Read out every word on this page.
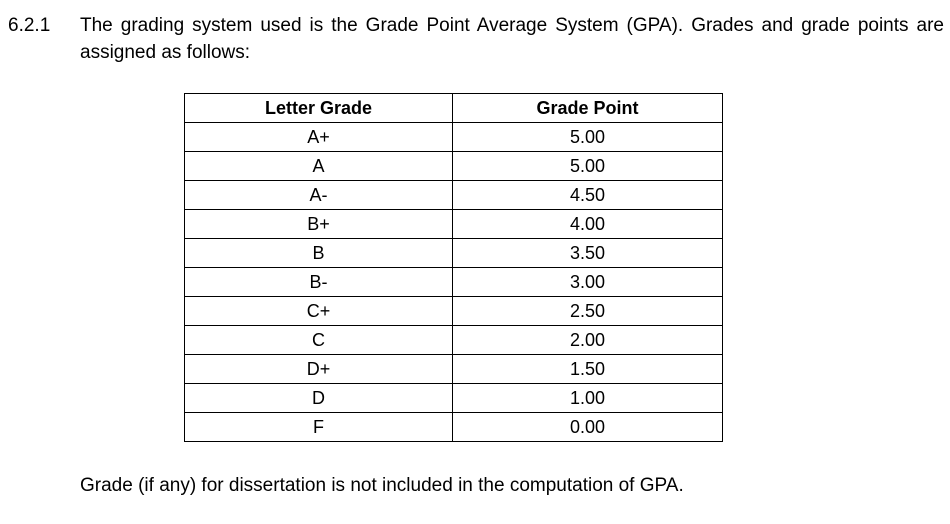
6.2.1 The grading system used is the Grade Point Average System (GPA). Grades and grade points are assigned as follows:
Letter Grade	Grade Point
A+	5.00
A	5.00
A-	4.50
B+	4.00
B	3.50
B-	3.00
C+	2.50
C	2.00
D+	1.50
D	1.00
F	0.00
Grade (if any) for dissertation is not included in the computation of GPA.
